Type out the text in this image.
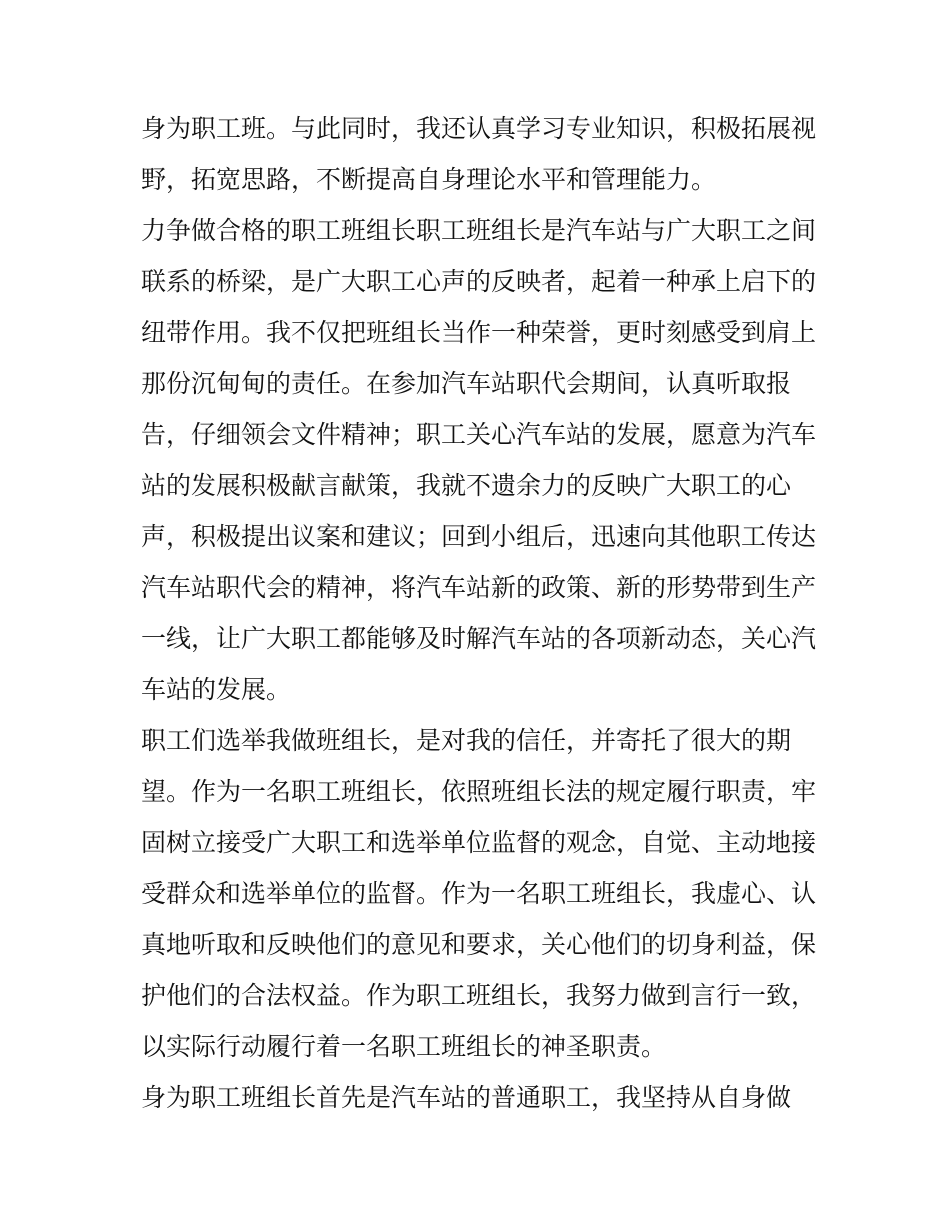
身为职工班。与此同时，我还认真学习专业知识，积极拓展视
野，拓宽思路，不断提高自身理论水平和管理能力。
力争做合格的职工班组长职工班组长是汽车站与广大职工之间
联系的桥梁，是广大职工心声的反映者，起着一种承上启下的
纽带作用。我不仅把班组长当作一种荣誉，更时刻感受到肩上
那份沉甸甸的责任。在参加汽车站职代会期间，认真听取报
告，仔细领会文件精神；职工关心汽车站的发展，愿意为汽车
站的发展积极献言献策，我就不遗余力的反映广大职工的心
声，积极提出议案和建议；回到小组后，迅速向其他职工传达
汽车站职代会的精神，将汽车站新的政策、新的形势带到生产
一线，让广大职工都能够及时解汽车站的各项新动态，关心汽
车站的发展。
职工们选举我做班组长，是对我的信任，并寄托了很大的期
望。作为一名职工班组长，依照班组长法的规定履行职责，牢
固树立接受广大职工和选举单位监督的观念，自觉、主动地接
受群众和选举单位的监督。作为一名职工班组长，我虚心、认
真地听取和反映他们的意见和要求，关心他们的切身利益，保
护他们的合法权益。作为职工班组长，我努力做到言行一致，
以实际行动履行着一名职工班组长的神圣职责。
身为职工班组长首先是汽车站的普通职工，我坚持从自身做
